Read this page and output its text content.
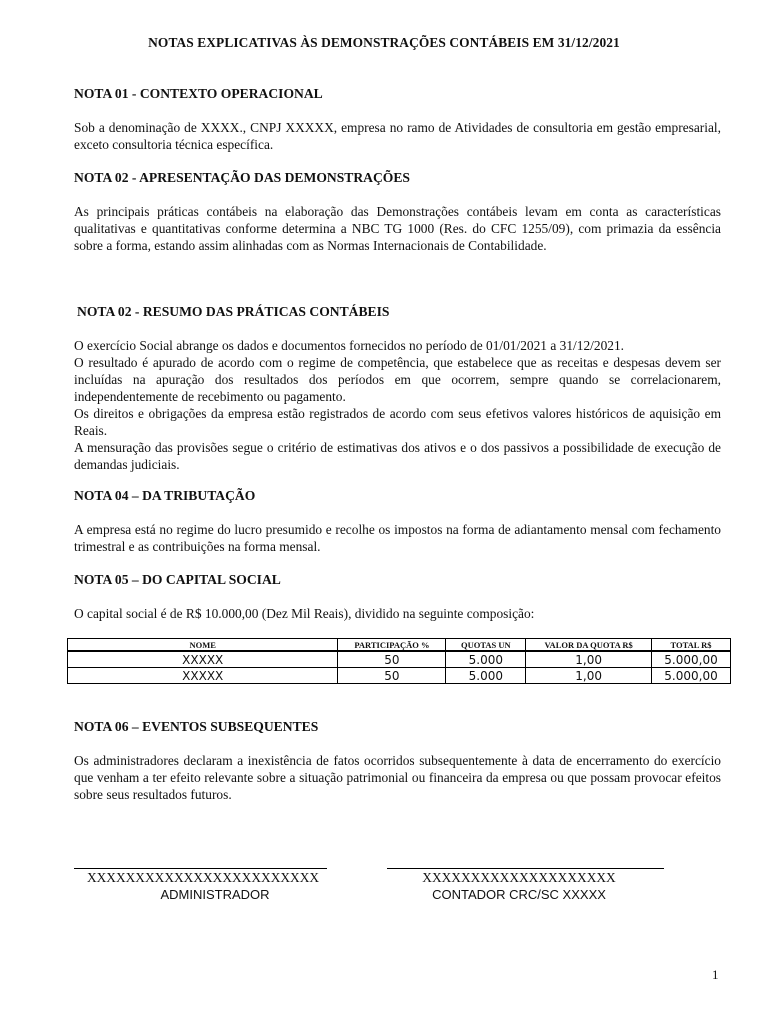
NOTAS EXPLICATIVAS ÀS DEMONSTRAÇÕES CONTÁBEIS EM 31/12/2021
NOTA 01 - CONTEXTO OPERACIONAL

Sob a denominação de XXXX., CNPJ XXXXX, empresa no ramo de Atividades de consultoria em gestão empresarial, exceto consultoria técnica específica.

NOTA 02 - APRESENTAÇÃO DAS DEMONSTRAÇÕES

As principais práticas contábeis na elaboração das Demonstrações contábeis levam em conta as características qualitativas e quantitativas conforme determina a NBC TG 1000 (Res. do CFC 1255/09), com primazia da essência sobre a forma, estando assim alinhadas com as Normas Internacionais de Contabilidade.

NOTA 02 - RESUMO DAS PRÁTICAS CONTÁBEIS

O exercício Social abrange os dados e documentos fornecidos no período de 01/01/2021 a 31/12/2021.

O resultado é apurado de acordo com o regime de competência, que estabelece que as receitas e despesas devem ser incluídas na apuração dos resultados dos períodos em que ocorrem, sempre quando se correlacionarem, independentemente de recebimento ou pagamento.

Os direitos e obrigações da empresa estão registrados de acordo com seus efetivos valores históricos de aquisição em Reais.

A mensuração das provisões segue o critério de estimativas dos ativos e o dos passivos a possibilidade de execução de demandas judiciais.

NOTA 04 – DA TRIBUTAÇÃO

A empresa está no regime do lucro presumido e recolhe os impostos na forma de adiantamento mensal com fechamento trimestral e as contribuições na forma mensal.

NOTA 05 – DO CAPITAL SOCIAL

O capital social é de R$ 10.000,00 (Dez Mil Reais), dividido na seguinte composição:

NOME	PARTICIPAÇÃO %	QUOTAS UN	VALOR DA QUOTA R$	TOTAL R$
XXXXX	50	5.000	1,00	5.000,00
XXXXX	50	5.000	1,00	5.000,00
NOTA 06 – EVENTOS SUBSEQUENTES

Os administradores declaram a inexistência de fatos ocorridos subsequentemente à data de encerramento do exercício que venham a ter efeito relevante sobre a situação patrimonial ou financeira da empresa ou que possam provocar efeitos sobre seus resultados futuros.

XXXXXXXXXXXXXXXXXXXXXXXX
ADMINISTRADOR
XXXXXXXXXXXXXXXXXXXX
CONTADOR CRC/SC XXXXX
1
